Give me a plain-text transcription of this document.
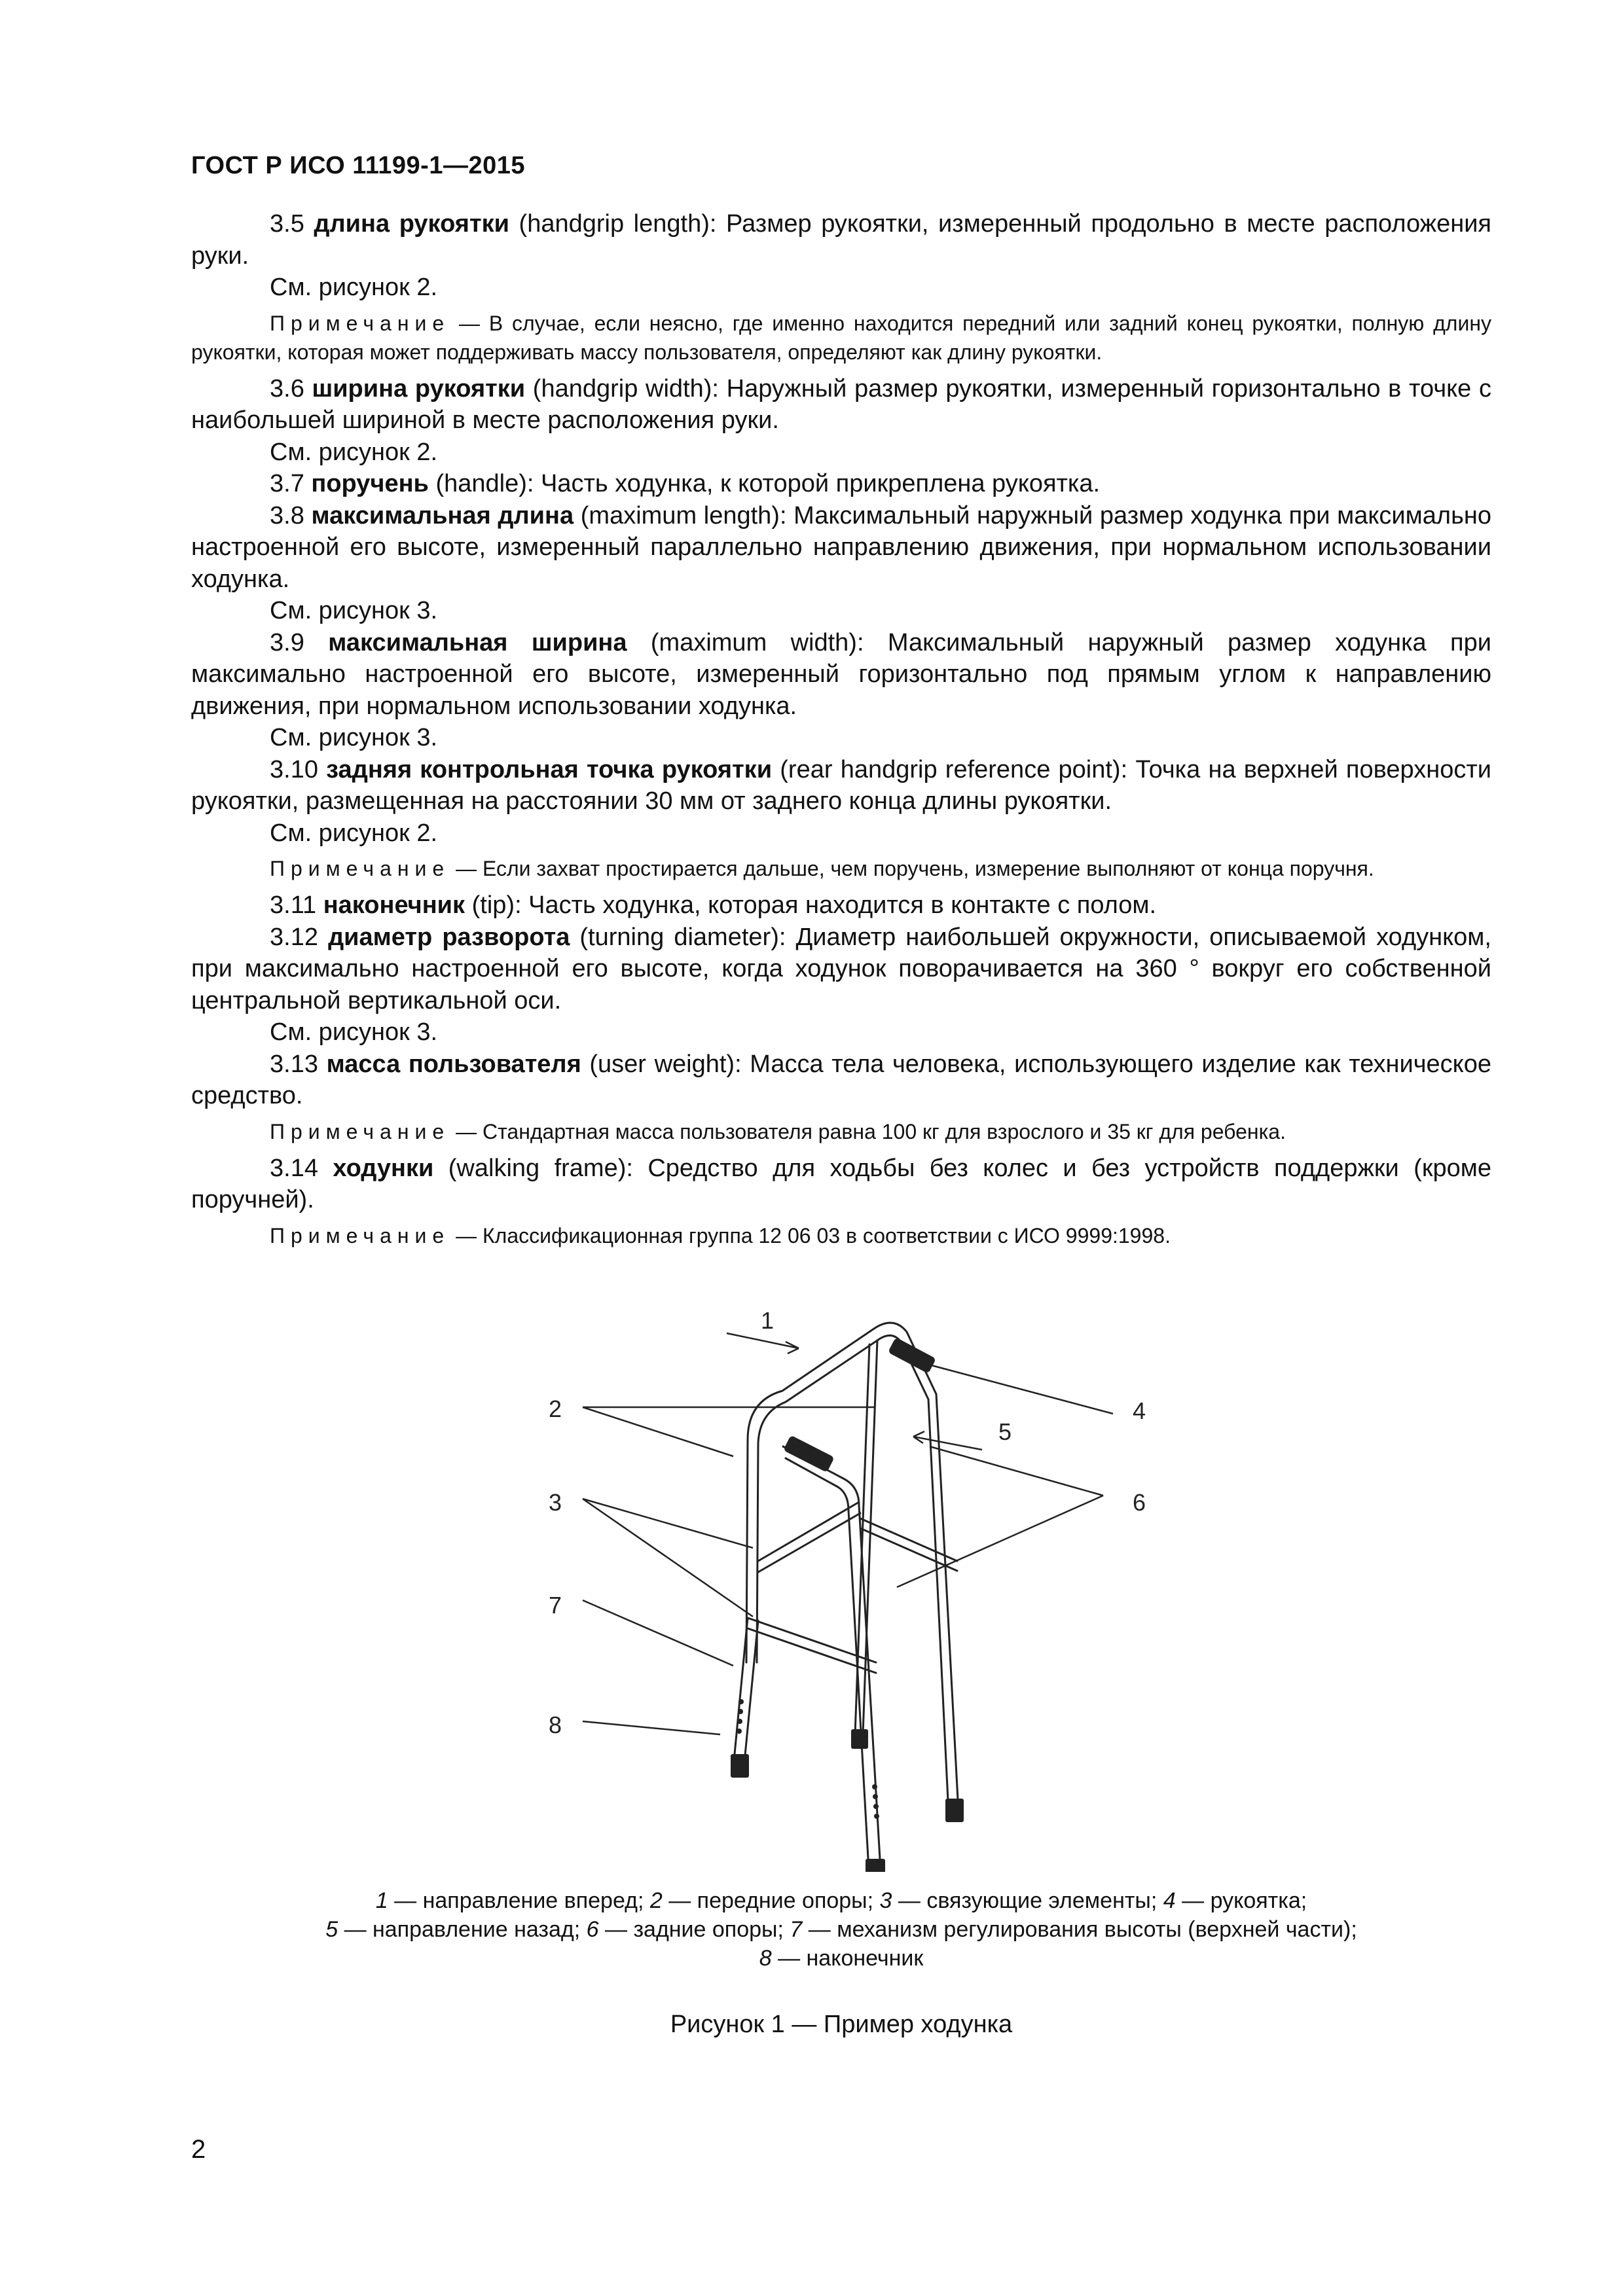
ГОСТ Р ИСО 11199-1—2015

3.5 длина рукоятки (handgrip length): Размер рукоятки, измеренный продольно в месте расположения руки.

См. рисунок 2.

Примечание — В случае, если неясно, где именно находится передний или задний конец рукоятки, полную длину рукоятки, которая может поддерживать массу пользователя, определяют как длину рукоятки.

3.6 ширина рукоятки (handgrip width): Наружный размер рукоятки, измеренный горизонтально в точке с наибольшей шириной в месте расположения руки.

См. рисунок 2.

3.7 поручень (handle): Часть ходунка, к которой прикреплена рукоятка.

3.8 максимальная длина (maximum length): Максимальный наружный размер ходунка при максимально настроенной его высоте, измеренный параллельно направлению движения, при нормальном использовании ходунка.

См. рисунок 3.

3.9 максимальная ширина (maximum width): Максимальный наружный размер ходунка при максимально настроенной его высоте, измеренный горизонтально под прямым углом к направлению движения, при нормальном использовании ходунка.

См. рисунок 3.

3.10 задняя контрольная точка рукоятки (rear handgrip reference point): Точка на верхней поверхности рукоятки, размещенная на расстоянии 30 мм от заднего конца длины рукоятки.

См. рисунок 2.

Примечание — Если захват простирается дальше, чем поручень, измерение выполняют от конца поручня.

3.11 наконечник (tip): Часть ходунка, которая находится в контакте с полом.

3.12 диаметр разворота (turning diameter): Диаметр наибольшей окружности, описываемой ходунком, при максимально настроенной его высоте, когда ходунок поворачивается на 360 ° вокруг его собственной центральной вертикальной оси.

См. рисунок 3.

3.13 масса пользователя (user weight): Масса тела человека, использующего изделие как техническое средство.

Примечание — Стандартная масса пользователя равна 100 кг для взрослого и 35 кг для ребенка.

3.14 ходунки (walking frame): Средство для ходьбы без колес и без устройств поддержки (кроме поручней).

Примечание — Классификационная группа 12 06 03 в соответствии с ИСО 9999:1998.

1
2
3
4
5
6
7
8
1 — направление вперед; 2 — передние опоры; 3 — связующие элементы; 4 — рукоятка;
5 — направление назад; 6 — задние опоры; 7 — механизм регулирования высоты (верхней части);
8 — наконечник
Рисунок 1 — Пример ходунка
2
